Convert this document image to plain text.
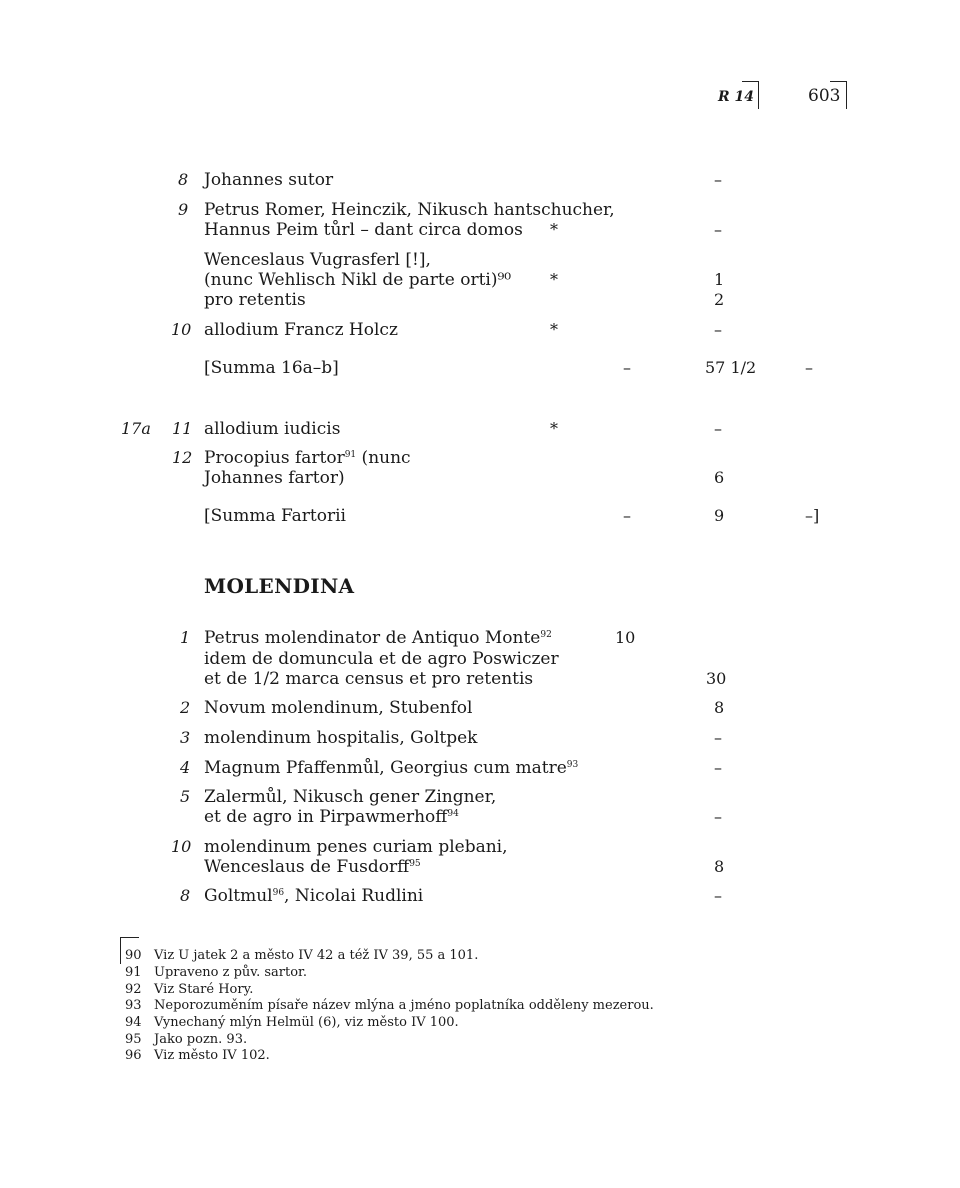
R 14	603
8 Johannes sutor	–
9 Petrus Romer, Heinczik, Nikusch hantschucher,
Hannus Peim tůrl – dant circa domos *	–
Wenceslaus Vugrasferl [!],
(nunc Wehlisch Nikl de parte orti)⁹⁰ *	1
pro retentis	2
10 allodium Francz Holcz	*	–
[Summa 16a–b]	–	57 1/2	–
17a 11 allodium iudicis	*	–
12 Procopius fartor$^{91}$ (nunc
Johannes fartor)	6
[Summa Fartorii	–	9	–]
MOLENDINA
1 Petrus molendinator de Antiquo Monte$^{92}$	10
idem de domuncula et de agro Poswiczer
et de 1/2 marca census et pro retentis	30
2 Novum molendinum, Stubenfol	8
3 molendinum hospitalis, Goltpek	–
4 Magnum Pfaffenmůl, Georgius cum matre$^{93}$	–
5 Zalermůl, Nikusch gener Zingner,
et de agro in Pirpawmerhoff$^{94}$	–
10 molendinum penes curiam plebani,
Wenceslaus de Fusdorff$^{95}$	8
8 Goltmul$^{96}$, Nicolai Rudlini	–
90 Viz U jatek 2 a město IV 42 a též IV 39, 55 a 101.
91 Upraveno z pův. sartor.
92 Viz Staré Hory.
93 Neporozuměním písaře název mlýna a jméno poplatníka odděleny mezerou.
94 Vynechaný mlýn Helmül (6), viz město IV 100.
95 Jako pozn. 93.
96 Viz město IV 102.
